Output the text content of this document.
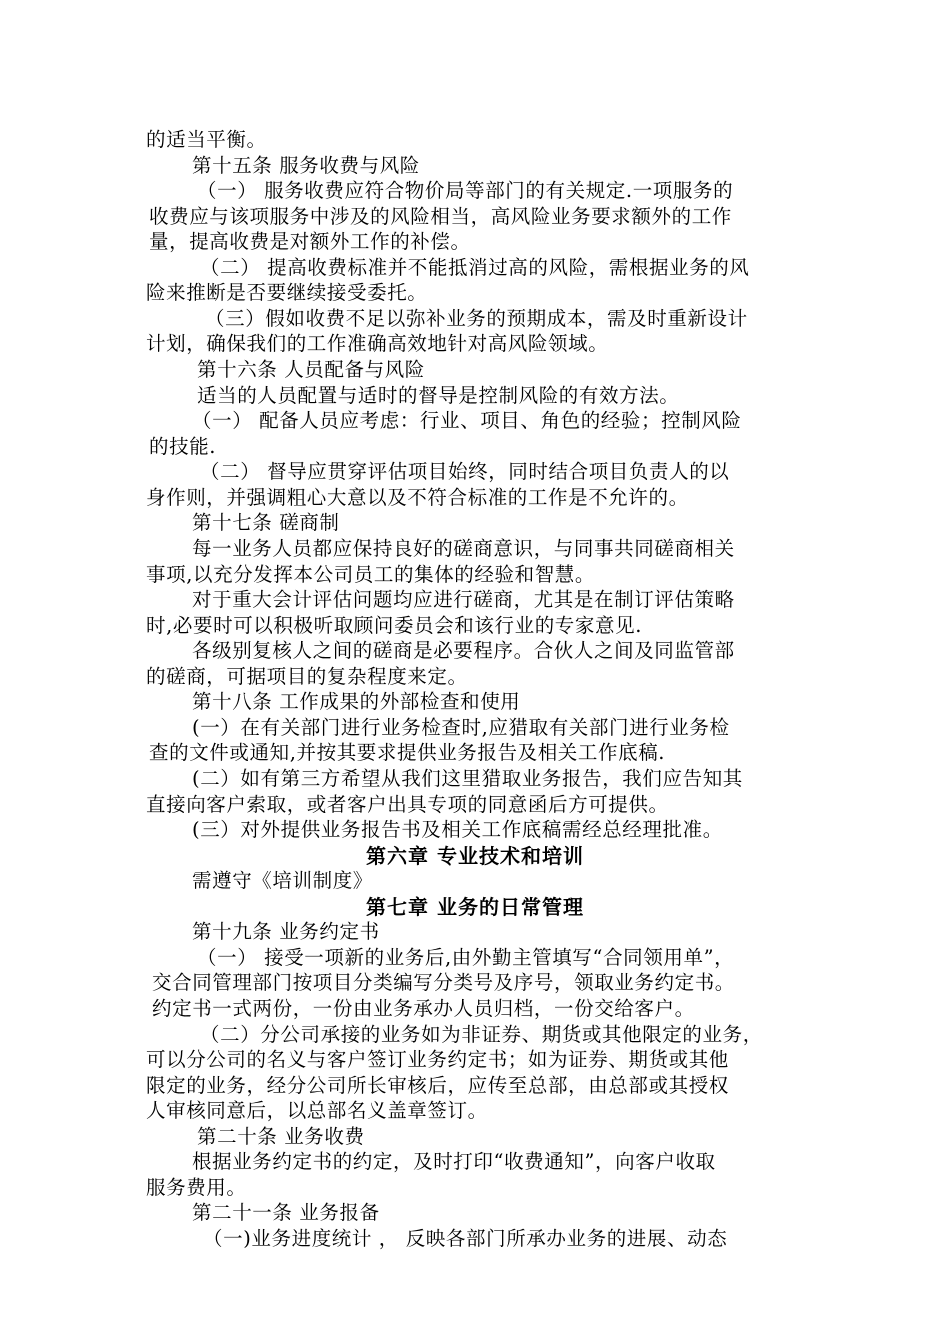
的适当平衡。
第十五条 服务收费与风险
（一） 服务收费应符合物价局等部门的有关规定.一项服务的
收费应与该项服务中涉及的风险相当，高风险业务要求额外的工作
量，提高收费是对额外工作的补偿。
（二） 提高收费标准并不能抵消过高的风险，需根据业务的风
险来推断是否要继续接受委托。
（三）假如收费不足以弥补业务的预期成本，需及时重新设计
计划，确保我们的工作准确高效地针对高风险领域。
第十六条 人员配备与风险
适当的人员配置与适时的督导是控制风险的有效方法。
（一） 配备人员应考虑：行业、项目、角色的经验；控制风险
的技能.
（二） 督导应贯穿评估项目始终，同时结合项目负责人的以
身作则，并强调粗心大意以及不符合标准的工作是不允许的。
第十七条 磋商制
每一业务人员都应保持良好的磋商意识，与同事共同磋商相关
事项,以充分发挥本公司员工的集体的经验和智慧。
对于重大会计评估问题均应进行磋商，尤其是在制订评估策略
时,必要时可以积极听取顾问委员会和该行业的专家意见.
各级别复核人之间的磋商是必要程序。合伙人之间及同监管部
的磋商，可据项目的复杂程度来定。
第十八条 工作成果的外部检查和使用
(一）在有关部门进行业务检查时,应猎取有关部门进行业务检
查的文件或通知,并按其要求提供业务报告及相关工作底稿.
(二）如有第三方希望从我们这里猎取业务报告，我们应告知其
直接向客户索取，或者客户出具专项的同意函后方可提供。
(三）对外提供业务报告书及相关工作底稿需经总经理批准。
第六章 专业技术和培训
需遵守《培训制度》
第七章 业务的日常管理
第十九条 业务约定书
（一） 接受一项新的业务后,由外勤主管填写“合同领用单”，
交合同管理部门按项目分类编写分类号及序号，领取业务约定书。
约定书一式两份，一份由业务承办人员归档，一份交给客户。
（二）分公司承接的业务如为非证券、期货或其他限定的业务，
可以分公司的名义与客户签订业务约定书；如为证券、期货或其他
限定的业务，经分公司所长审核后，应传至总部，由总部或其授权
人审核同意后，以总部名义盖章签订。
第二十条 业务收费
根据业务约定书的约定，及时打印“收费通知”，向客户收取
服务费用。
第二十一条 业务报备
（一)业务进度统计 ， 反映各部门所承办业务的进展、动态
